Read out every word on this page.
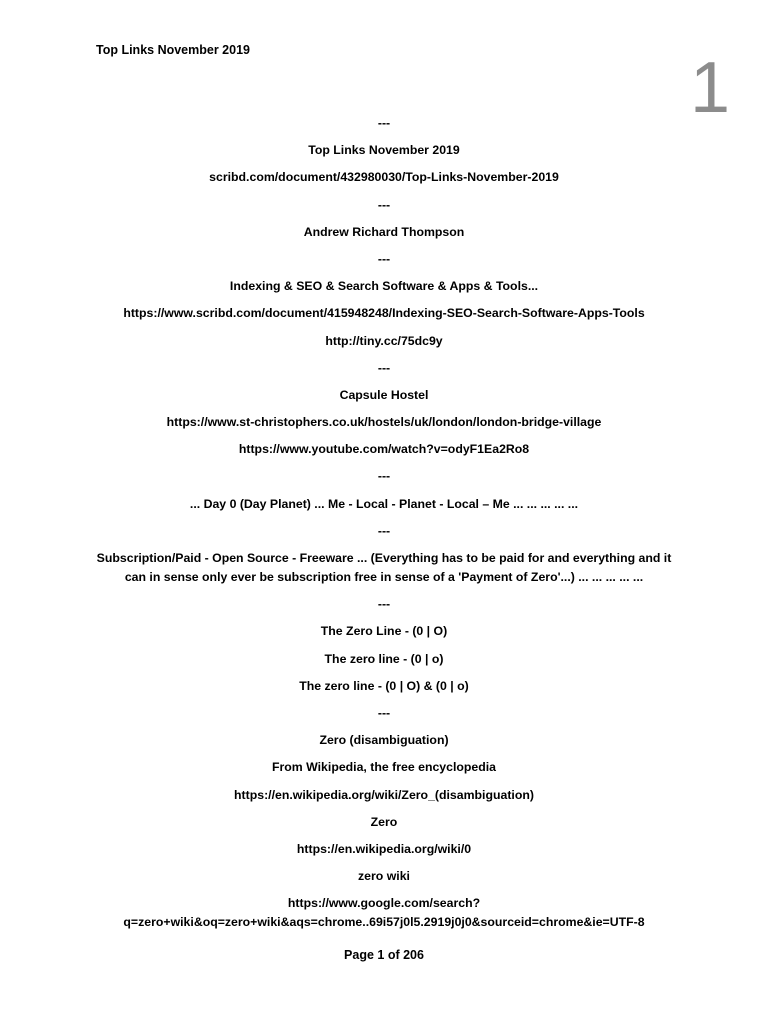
Top Links November 2019	1
---
Top Links November 2019
scribd.com/document/432980030/Top-Links-November-2019
---
Andrew Richard Thompson
---
Indexing & SEO & Search Software & Apps & Tools...
https://www.scribd.com/document/415948248/Indexing-SEO-Search-Software-Apps-Tools
http://tiny.cc/75dc9y
---
Capsule Hostel
https://www.st-christophers.co.uk/hostels/uk/london/london-bridge-village
https://www.youtube.com/watch?v=odyF1Ea2Ro8
---
... Day 0 (Day Planet) ... Me - Local - Planet - Local – Me ... ... ... ... ...
---
Subscription/Paid - Open Source - Freeware ... (Everything has to be paid for and everything and it can in sense only ever be subscription free in sense of a 'Payment of Zero'...) ... ... ... ... ...
---
The Zero Line - (0 | O)
The zero line - (0 | o)
The zero line - (0 | O) & (0 | o)
---
Zero (disambiguation)
From Wikipedia, the free encyclopedia
https://en.wikipedia.org/wiki/Zero_(disambiguation)
Zero
https://en.wikipedia.org/wiki/0
zero wiki
https://www.google.com/search?q=zero+wiki&oq=zero+wiki&aqs=chrome..69i57j0l5.2919j0j0&sourceid=chrome&ie=UTF-8
Page 1 of 206
